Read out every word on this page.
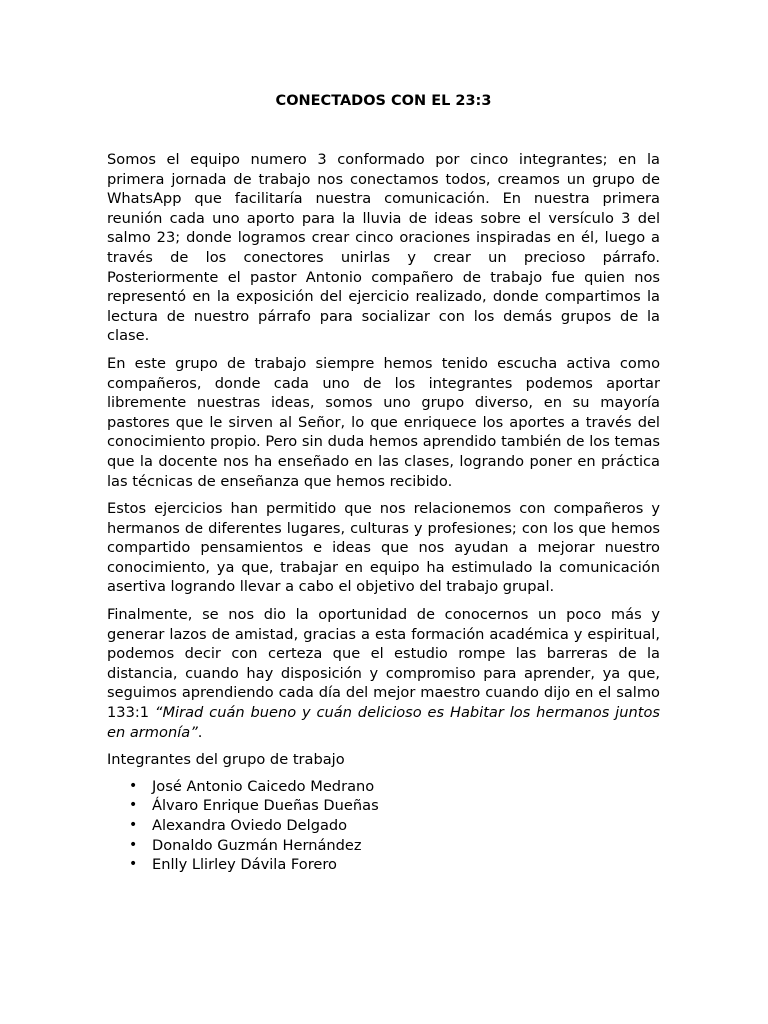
CONECTADOS CON EL 23:3

Somos el equipo numero 3 conformado por cinco integrantes; en la primera jornada de trabajo nos conectamos todos, creamos un grupo de WhatsApp que facilitaría nuestra comunicación. En nuestra primera reunión cada uno aporto para la lluvia de ideas sobre el versículo 3 del salmo 23; donde logramos crear cinco oraciones inspiradas en él, luego a través de los conectores unirlas y crear un precioso párrafo. Posteriormente el pastor Antonio compañero de trabajo fue quien nos representó en la exposición del ejercicio realizado, donde compartimos la lectura de nuestro párrafo para socializar con los demás grupos de la clase.

En este grupo de trabajo siempre hemos tenido escucha activa como compañeros, donde cada uno de los integrantes podemos aportar libremente nuestras ideas, somos uno grupo diverso, en su mayoría pastores que le sirven al Señor, lo que enriquece los aportes a través del conocimiento propio. Pero sin duda hemos aprendido también de los temas que la docente nos ha enseñado en las clases, logrando poner en práctica las técnicas de enseñanza que hemos recibido.

Estos ejercicios han permitido que nos relacionemos con compañeros y hermanos de diferentes lugares, culturas y profesiones; con los que hemos compartido pensamientos e ideas que nos ayudan a mejorar nuestro conocimiento, ya que, trabajar en equipo ha estimulado la comunicación asertiva logrando llevar a cabo el objetivo del trabajo grupal.

Finalmente, se nos dio la oportunidad de conocernos un poco más y generar lazos de amistad, gracias a esta formación académica y espiritual, podemos decir con certeza que el estudio rompe las barreras de la distancia, cuando hay disposición y compromiso para aprender, ya que, seguimos aprendiendo cada día del mejor maestro cuando dijo en el salmo 133:1 “Mirad cuán bueno y cuán delicioso es Habitar los hermanos juntos en armonía”.

Integrantes del grupo de trabajo

• José Antonio Caicedo Medrano
• Álvaro Enrique Dueñas Dueñas
• Alexandra Oviedo Delgado
• Donaldo Guzmán Hernández
• Enlly Llirley Dávila Forero
